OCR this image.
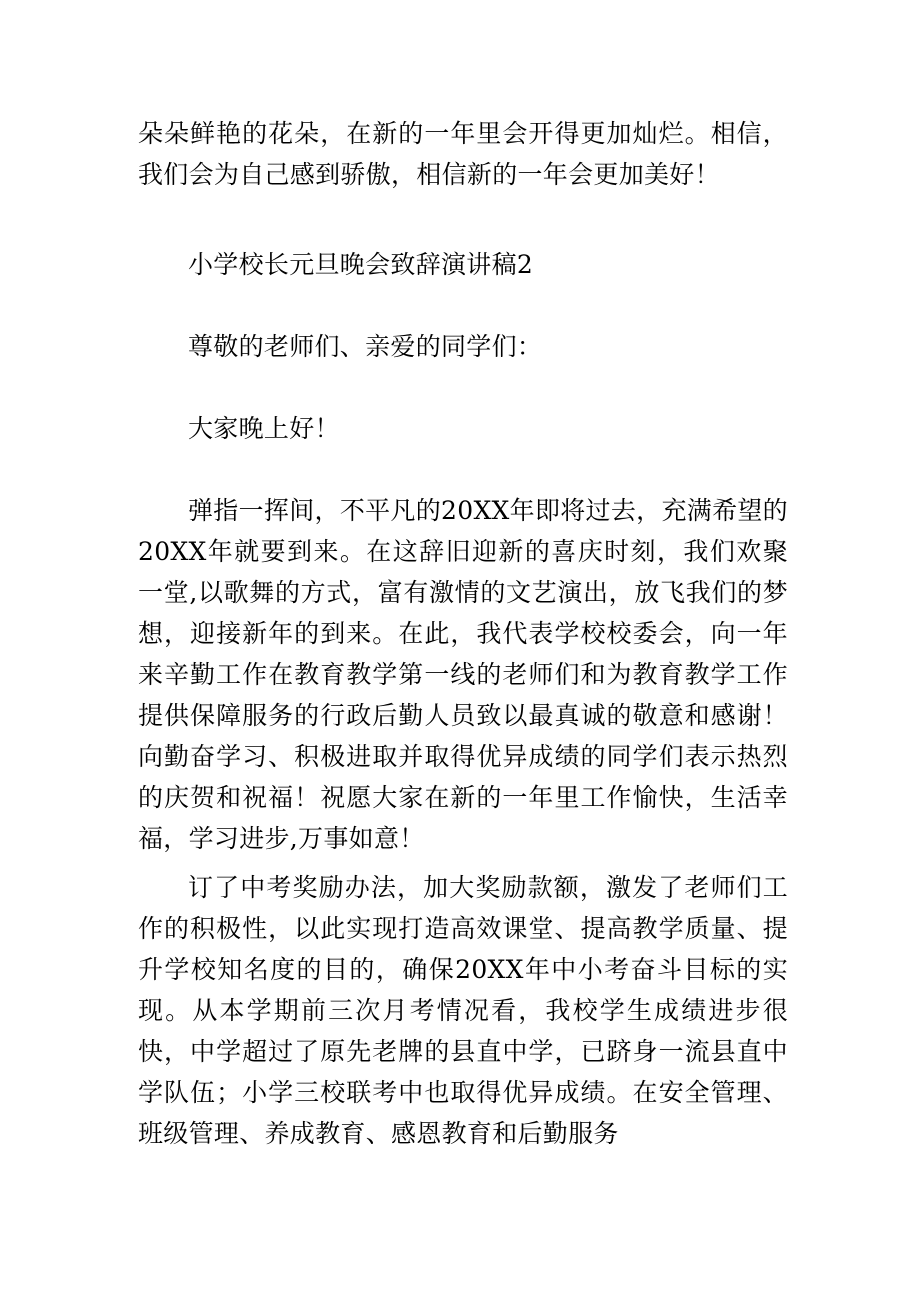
朵朵鲜艳的花朵，在新的一年里会开得更加灿烂。相信，我们会为自己感到骄傲，相信新的一年会更加美好！

小学校长元旦晚会致辞演讲稿2

尊敬的老师们、亲爱的同学们：

大家晚上好！

弹指一挥间，不平凡的20XX年即将过去，充满希望的20XX年就要到来。在这辞旧迎新的喜庆时刻，我们欢聚一堂,以歌舞的方式，富有激情的文艺演出，放飞我们的梦想，迎接新年的到来。在此，我代表学校校委会，向一年来辛勤工作在教育教学第一线的老师们和为教育教学工作提供保障服务的行政后勤人员致以最真诚的敬意和感谢！向勤奋学习、积极进取并取得优异成绩的同学们表示热烈的庆贺和祝福！祝愿大家在新的一年里工作愉快，生活幸福，学习进步,万事如意！

订了中考奖励办法，加大奖励款额，激发了老师们工作的积极性，以此实现打造高效课堂、提高教学质量、提升学校知名度的目的，确保20XX年中小考奋斗目标的实现。从本学期前三次月考情况看，我校学生成绩进步很快，中学超过了原先老牌的县直中学，已跻身一流县直中学队伍；小学三校联考中也取得优异成绩。在安全管理、班级管理、养成教育、感恩教育和后勤服务
